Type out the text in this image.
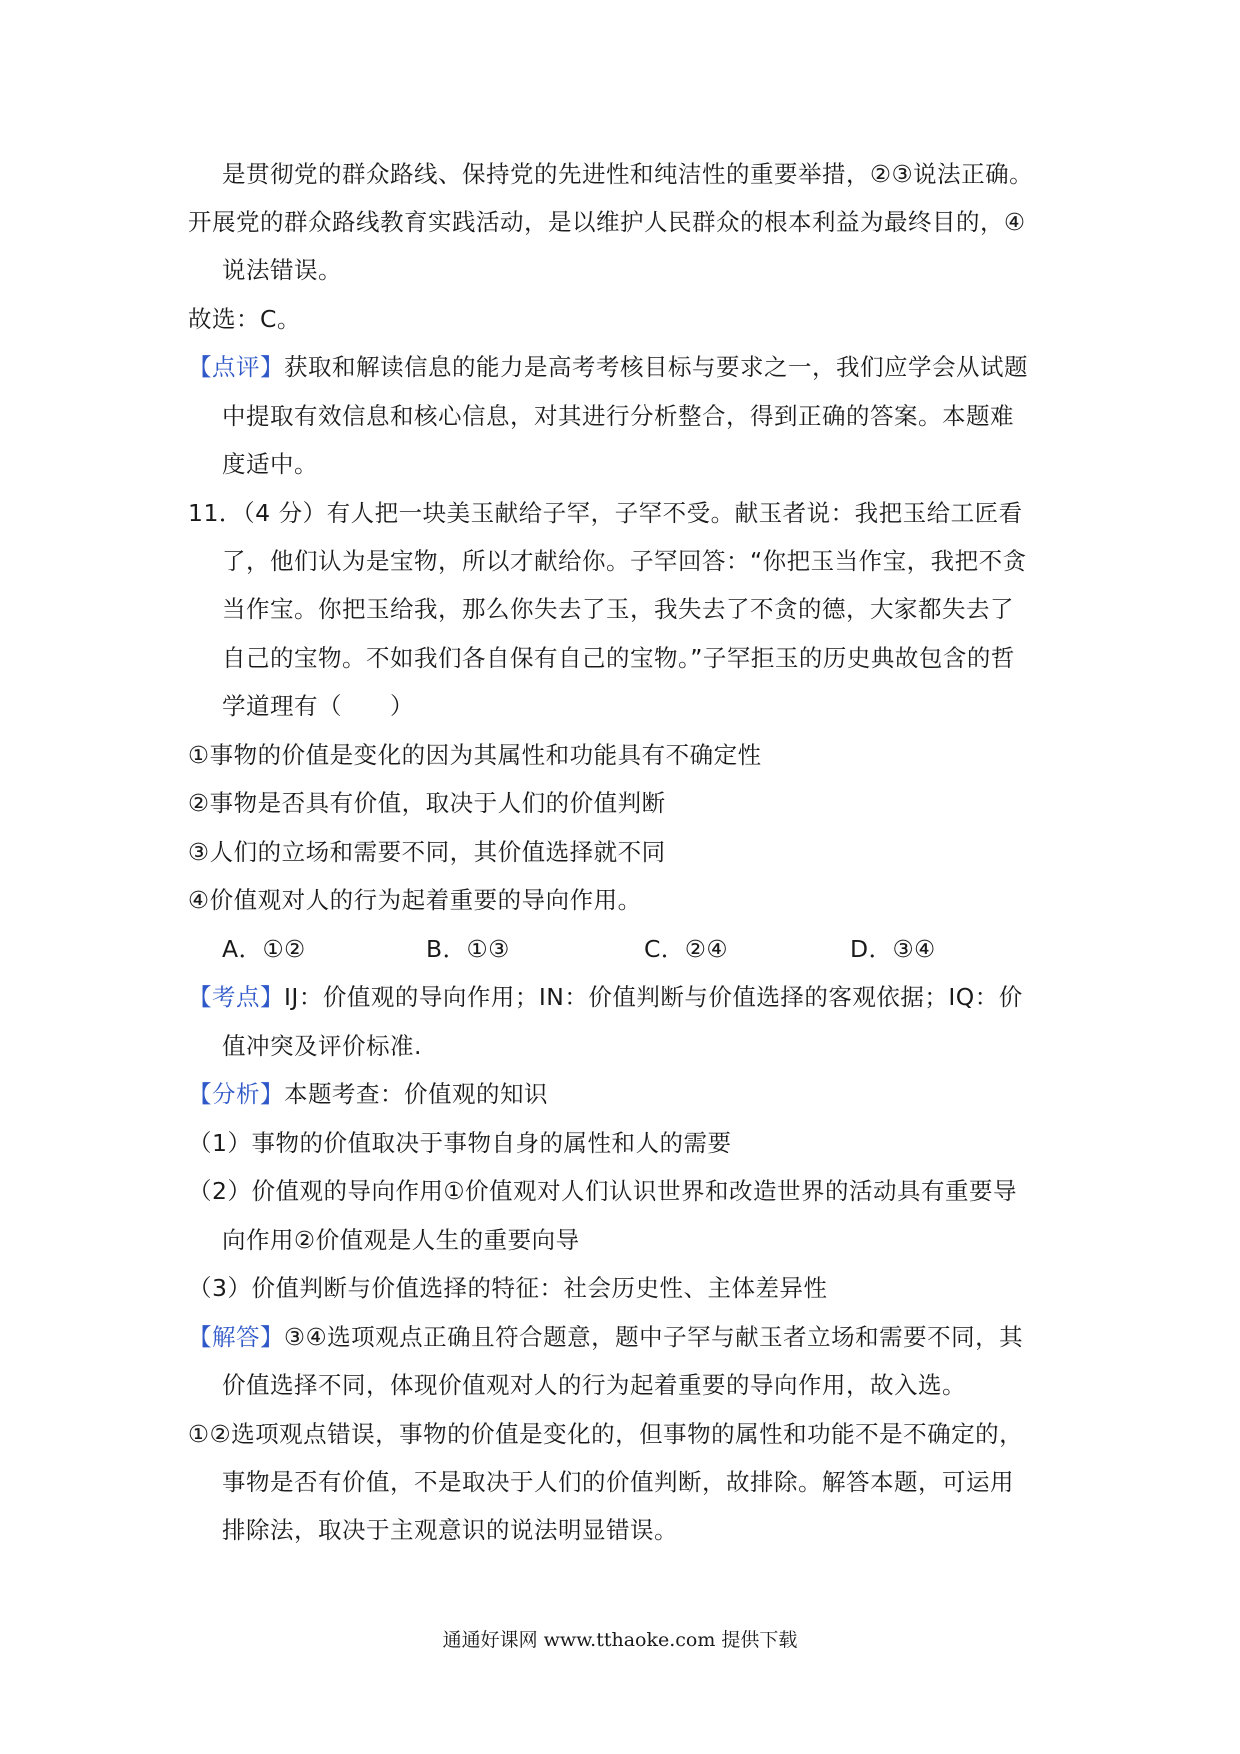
是贯彻党的群众路线、保持党的先进性和纯洁性的重要举措，②③说法正确。
开展党的群众路线教育实践活动，是以维护人民群众的根本利益为最终目的，④
说法错误。
故选：C。
【点评】获取和解读信息的能力是高考考核目标与要求之一，我们应学会从试题
中提取有效信息和核心信息，对其进行分析整合，得到正确的答案。本题难
度适中。
11．（4 分）有人把一块美玉献给子罕，子罕不受。献玉者说：我把玉给工匠看
了，他们认为是宝物，所以才献给你。子罕回答：“你把玉当作宝，我把不贪
当作宝。你把玉给我，那么你失去了玉，我失去了不贪的德，大家都失去了
自己的宝物。不如我们各自保有自己的宝物。”子罕拒玉的历史典故包含的哲
学道理有（　　）
①事物的价值是变化的因为其属性和功能具有不确定性
②事物是否具有价值，取决于人们的价值判断
③人们的立场和需要不同，其价值选择就不同
④价值观对人的行为起着重要的导向作用。
A．①②	B．①③	C．②④	D．③④
【考点】IJ：价值观的导向作用；IN：价值判断与价值选择的客观依据；IQ：价
值冲突及评价标准.
【分析】本题考查：价值观的知识
（1）事物的价值取决于事物自身的属性和人的需要
（2）价值观的导向作用①价值观对人们认识世界和改造世界的活动具有重要导
向作用②价值观是人生的重要向导
（3）价值判断与价值选择的特征：社会历史性、主体差异性
【解答】③④选项观点正确且符合题意，题中子罕与献玉者立场和需要不同，其
价值选择不同，体现价值观对人的行为起着重要的导向作用，故入选。
①②选项观点错误，事物的价值是变化的，但事物的属性和功能不是不确定的，
事物是否有价值，不是取决于人们的价值判断，故排除。解答本题，可运用
排除法，取决于主观意识的说法明显错误。
通通好课网 www.tthaoke.com 提供下载
